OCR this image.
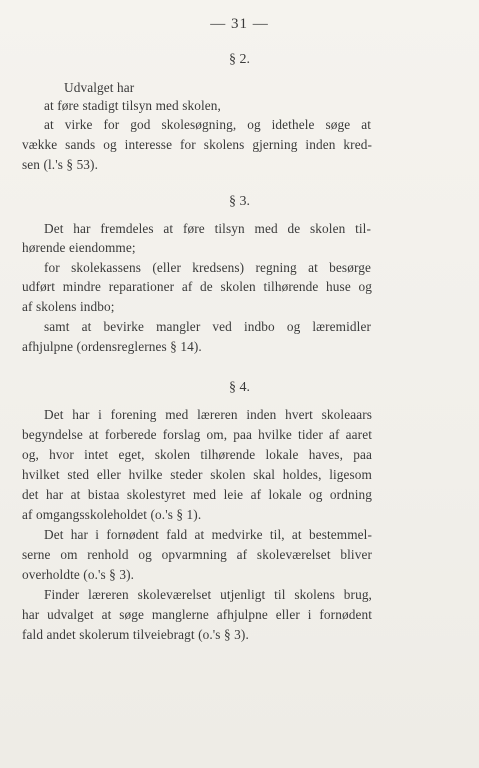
— 31 —
§ 2.
Udvalget har
at føre stadigt tilsyn med skolen,
at virke for god skolesøgning, og idethele søge at
vække sands og interesse for skolens gjerning inden kred-
sen (l.'s § 53).
§ 3.
Det har fremdeles at føre tilsyn med de skolen til-
hørende eiendomme;
for skolekassens (eller kredsens) regning at besørge
udført mindre reparationer af de skolen tilhørende huse og
af skolens indbo;
samt at bevirke mangler ved indbo og læremidler
afhjulpne (ordensreglernes § 14).
§ 4.
Det har i forening med læreren inden hvert skoleaars
begyndelse at forberede forslag om, paa hvilke tider af aaret
og, hvor intet eget, skolen tilhørende lokale haves, paa
hvilket sted eller hvilke steder skolen skal holdes, ligesom
det har at bistaa skolestyret med leie af lokale og ordning
af omgangsskoleholdet (o.'s § 1).
Det har i fornødent fald at medvirke til, at bestemmel-
serne om renhold og opvarmning af skoleværelset bliver
overholdte (o.'s § 3).
Finder læreren skoleværelset utjenligt til skolens brug,
har udvalget at søge manglerne afhjulpne eller i fornødent
fald andet skolerum tilveiebragt (o.'s § 3).
